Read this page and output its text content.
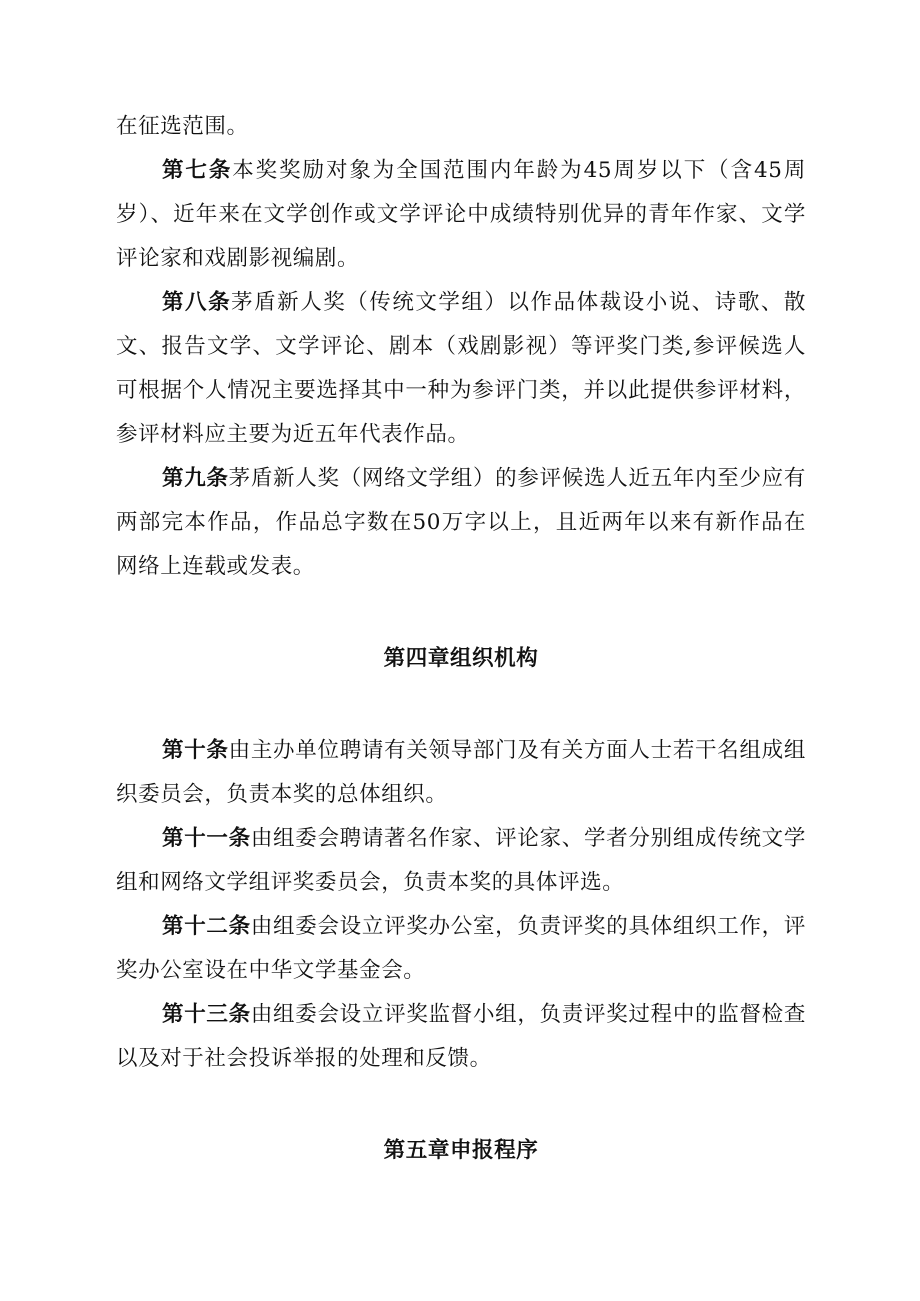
在征选范围。

第七条本奖奖励对象为全国范围内年龄为45周岁以下（含45周岁）、近年来在文学创作或文学评论中成绩特别优异的青年作家、文学评论家和戏剧影视编剧。

第八条茅盾新人奖（传统文学组）以作品体裁设小说、诗歌、散文、报告文学、文学评论、剧本（戏剧影视）等评奖门类,参评候选人可根据个人情况主要选择其中一种为参评门类，并以此提供参评材料，参评材料应主要为近五年代表作品。

第九条茅盾新人奖（网络文学组）的参评候选人近五年内至少应有两部完本作品，作品总字数在50万字以上，且近两年以来有新作品在网络上连载或发表。

第四章组织机构

第十条由主办单位聘请有关领导部门及有关方面人士若干名组成组织委员会，负责本奖的总体组织。

第十一条由组委会聘请著名作家、评论家、学者分别组成传统文学组和网络文学组评奖委员会，负责本奖的具体评选。

第十二条由组委会设立评奖办公室，负责评奖的具体组织工作，评奖办公室设在中华文学基金会。

第十三条由组委会设立评奖监督小组，负责评奖过程中的监督检查以及对于社会投诉举报的处理和反馈。

第五章申报程序
